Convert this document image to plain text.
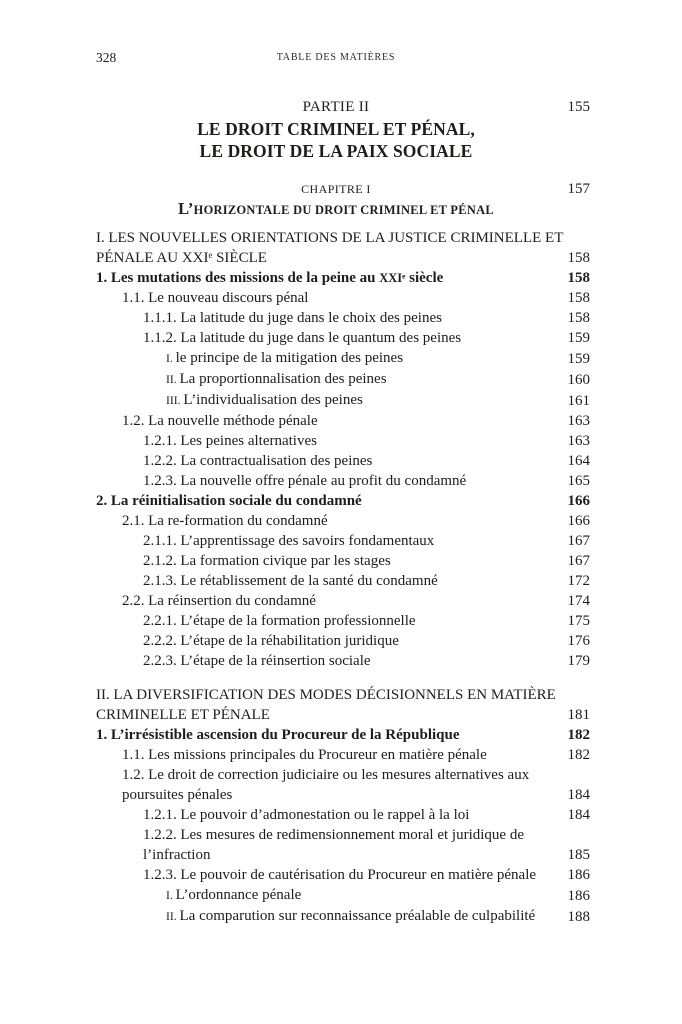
328	TABLE DES MATIÈRES
PARTIE II	155
LE DROIT CRIMINEL ET PÉNAL,
LE DROIT DE LA PAIX SOCIALE
CHAPITRE I	157
L’HORIZONTALE DU DROIT CRIMINEL ET PÉNAL
I. LES NOUVELLES ORIENTATIONS DE LA JUSTICE CRIMINELLE ET
PÉNALE AU XXIᵉ SIÈCLE	158
1. Les mutations des missions de la peine au XXIᵉ siècle	158
1.1. Le nouveau discours pénal	158
1.1.1. La latitude du juge dans le choix des peines	158
1.1.2. La latitude du juge dans le quantum des peines	159
I. le principe de la mitigation des peines	159
II. La proportionnalisation des peines	160
III. L’individualisation des peines	161
1.2. La nouvelle méthode pénale	163
1.2.1. Les peines alternatives	163
1.2.2. La contractualisation des peines	164
1.2.3. La nouvelle offre pénale au profit du condamné	165
2. La réinitialisation sociale du condamné	166
2.1. La re-formation du condamné	166
2.1.1. L’apprentissage des savoirs fondamentaux	167
2.1.2. La formation civique par les stages	167
2.1.3. Le rétablissement de la santé du condamné	172
2.2. La réinsertion du condamné	174
2.2.1. L’étape de la formation professionnelle	175
2.2.2. L’étape de la réhabilitation juridique	176
2.2.3. L’étape de la réinsertion sociale	179
II. LA DIVERSIFICATION DES MODES DÉCISIONNELS EN MATIÈRE
CRIMINELLE ET PÉNALE	181
1. L’irrésistible ascension du Procureur de la République	182
1.1. Les missions principales du Procureur en matière pénale	182
1.2. Le droit de correction judiciaire ou les mesures alternatives aux
poursuites pénales	184
1.2.1. Le pouvoir d’admonestation ou le rappel à la loi	184
1.2.2. Les mesures de redimensionnement moral et juridique de
l’infraction	185
1.2.3. Le pouvoir de cautérisation du Procureur en matière pénale	186
I. L’ordonnance pénale	186
II. La comparution sur reconnaissance préalable de culpabilité	188
